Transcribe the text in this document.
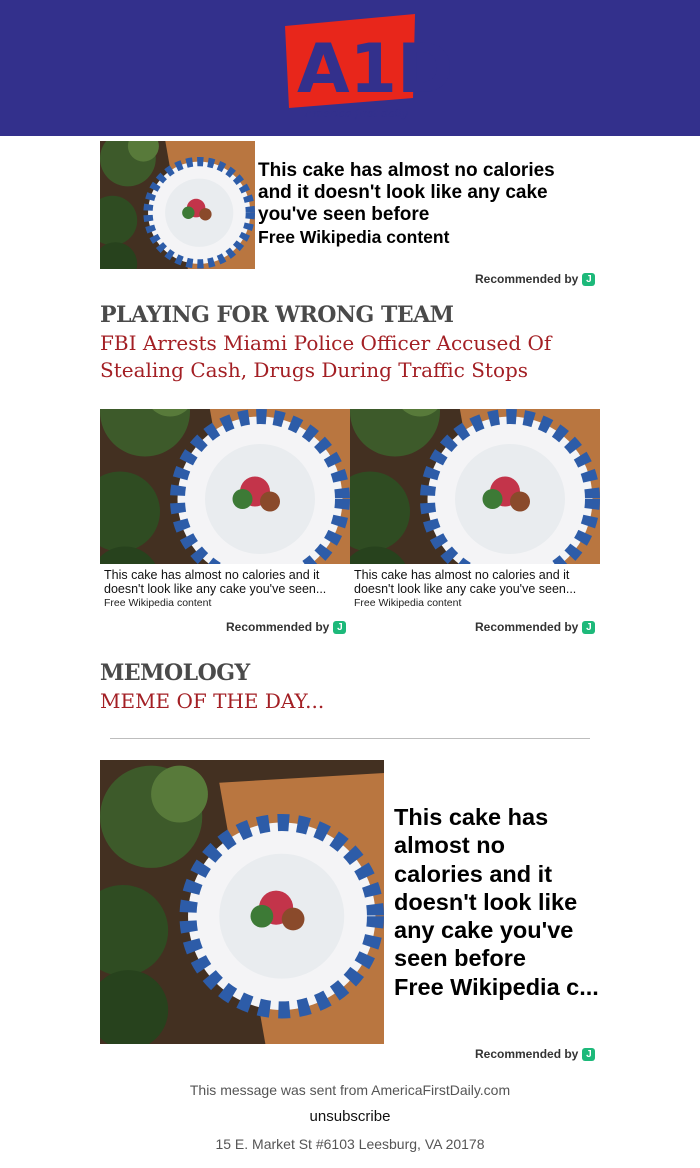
A1D
America first daily
This cake has almost no calories
and it doesn't look like any cake
you've seen before
Free Wikipedia content
Recommended by J
PLAYING FOR WRONG TEAM
FBI Arrests Miami Police Officer Accused Of
Stealing Cash, Drugs During Traffic Stops
This cake has almost no calories and it
doesn't look like any cake you've seen...
Free Wikipedia content
Recommended by J
This cake has almost no calories and it
doesn't look like any cake you've seen...
Free Wikipedia content
Recommended by J
MEMOLOGY
MEME OF THE DAY...
This cake has
almost no
calories and it
doesn't look like
any cake you've
seen before
Free Wikipedia c...
Recommended by J
This message was sent from AmericaFirstDaily.com
unsubscribe
15 E. Market St #6103 Leesburg, VA 20178
